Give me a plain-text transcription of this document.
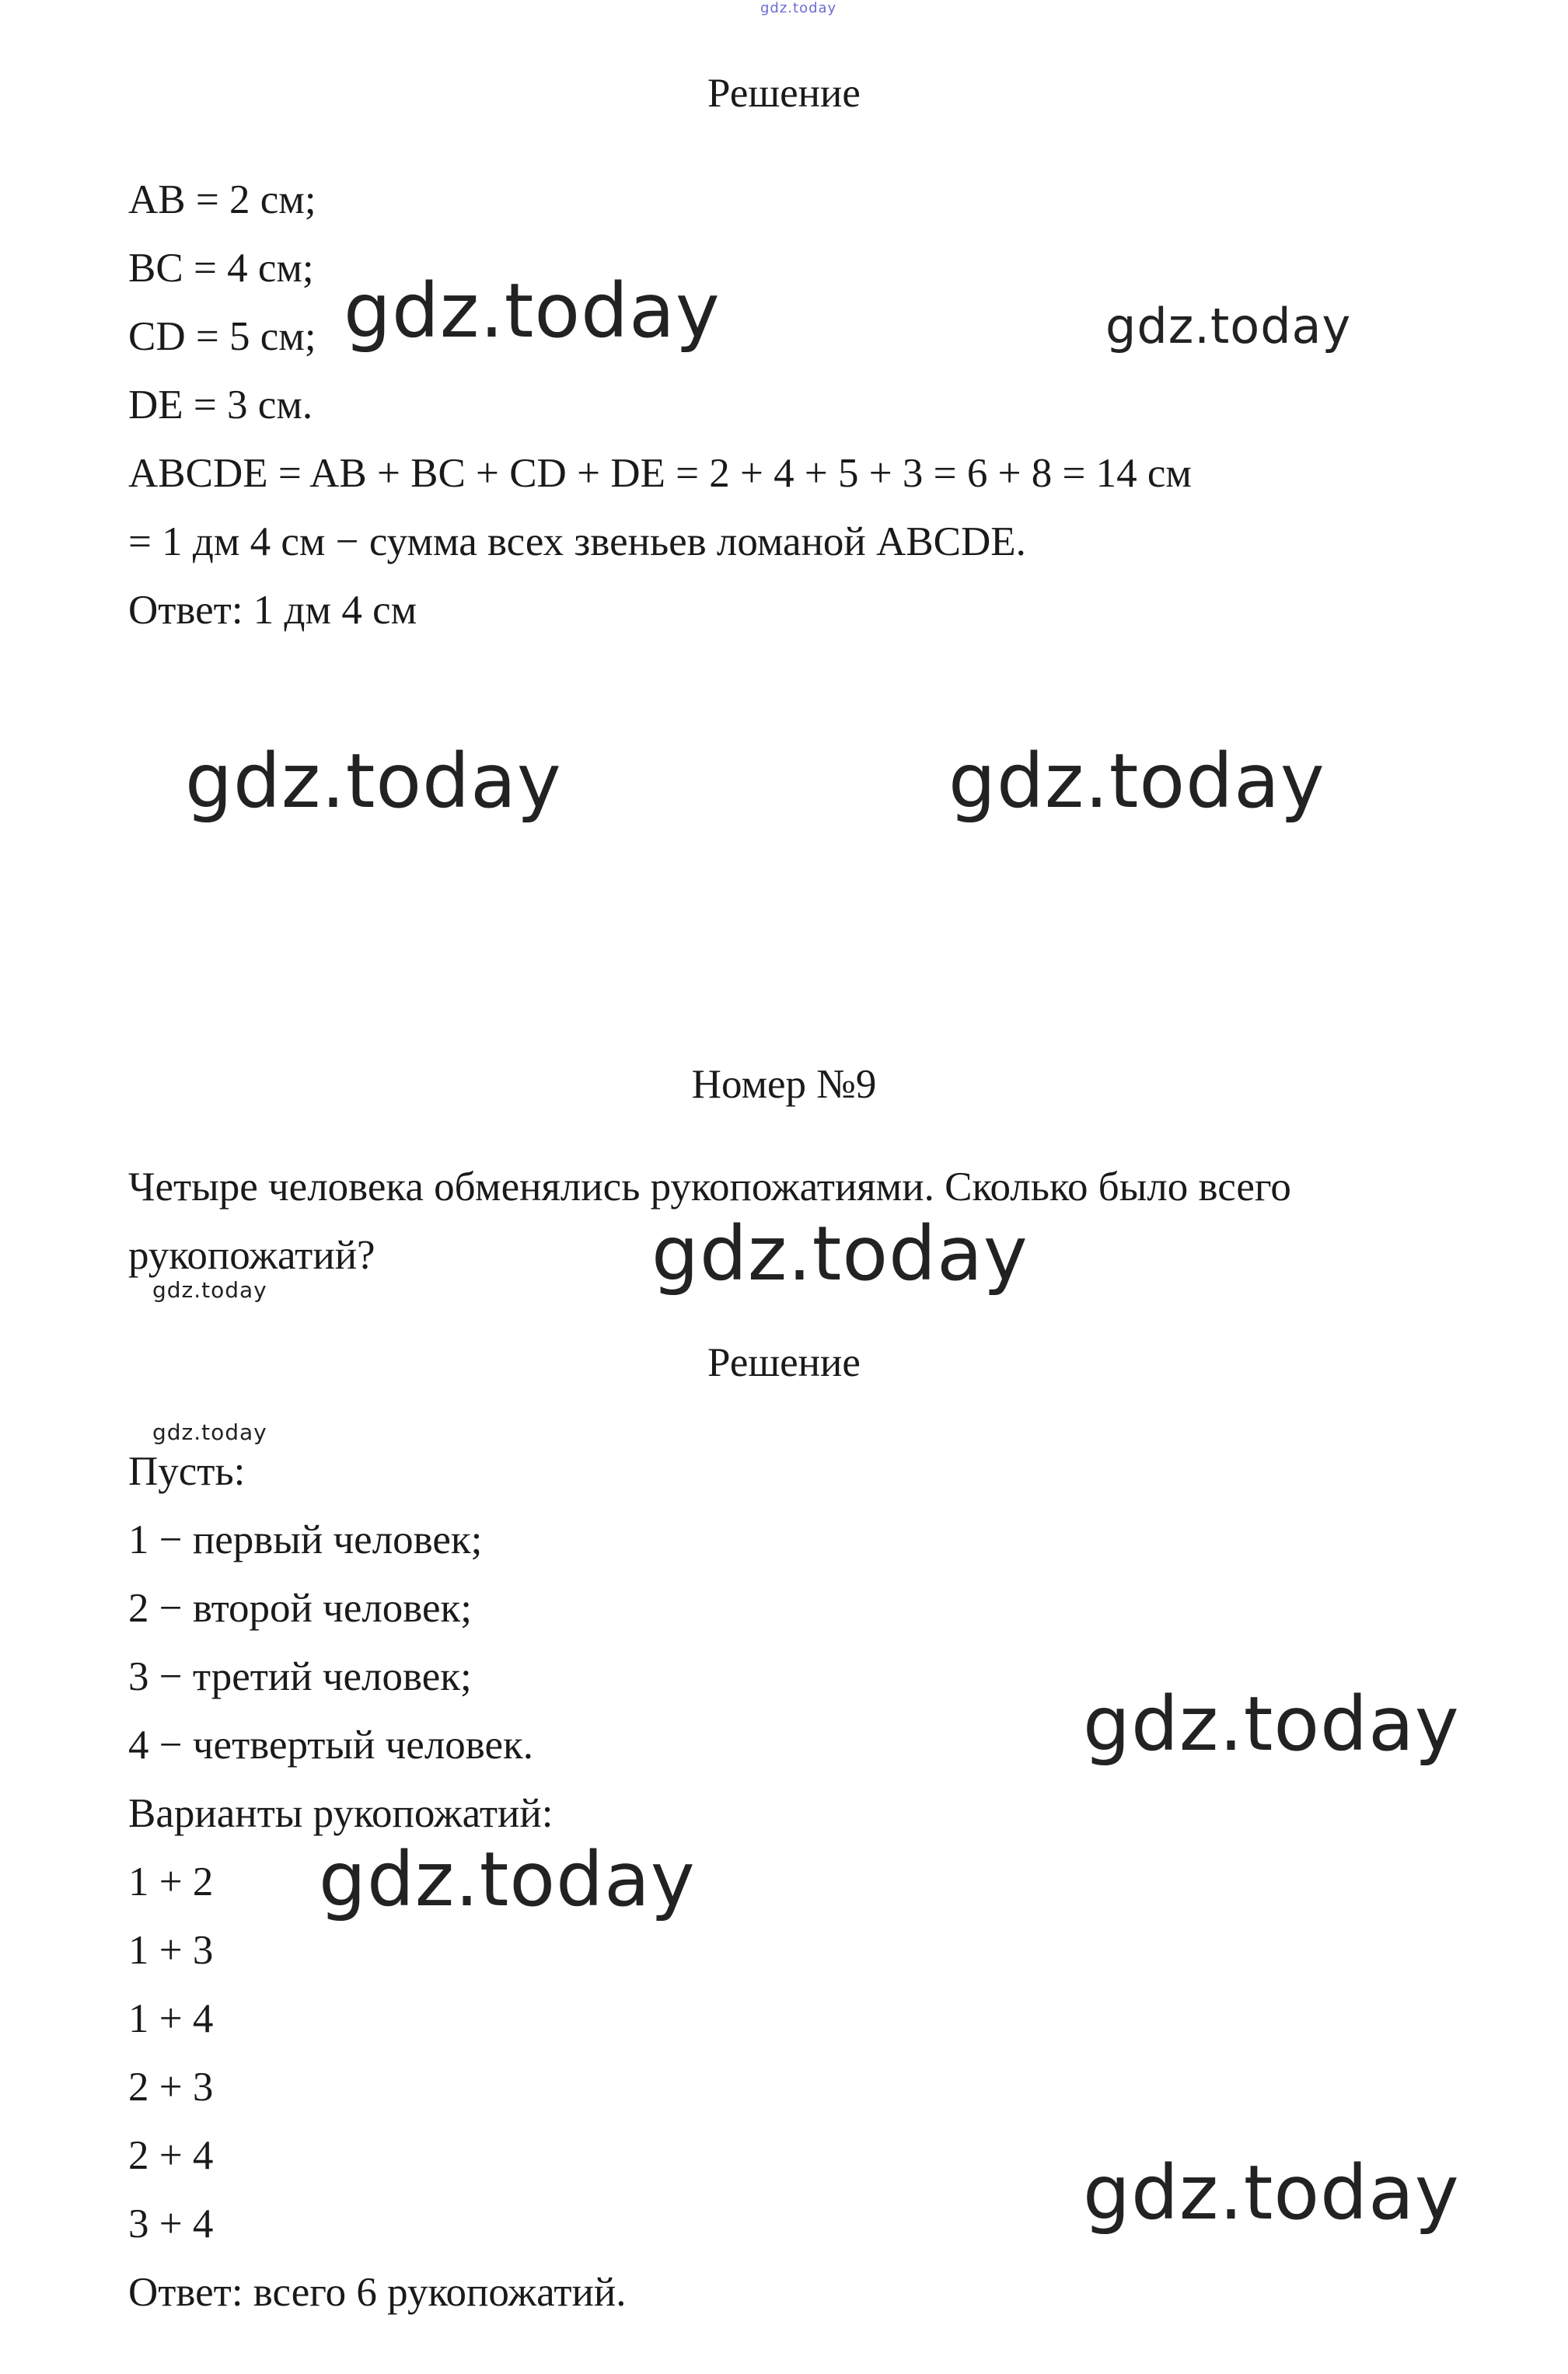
gdz.today
gdz.today	gdz.today
gdz.today	gdz.today
gdz.today
gdz.today
gdz.today
gdz.today
gdz.today
gdz.today
Решение
AB = 2 см;
BC = 4 см;
CD = 5 см;
DE = 3 см.
ABCDE = AB + BC + CD + DE = 2 + 4 + 5 + 3 = 6 + 8 = 14 см
= 1 дм 4 см − сумма всех звеньев ломаной ABCDE.
Ответ: 1 дм 4 см
Номер №9
Четыре человека обменялись рукопожатиями. Сколько было всего
рукопожатий?
Решение
Пусть:
1 − первый человек;
2 − второй человек;
3 − третий человек;
4 − четвертый человек.
Варианты рукопожатий:
1 + 2
1 + 3
1 + 4
2 + 3
2 + 4
3 + 4
Ответ: всего 6 рукопожатий.
